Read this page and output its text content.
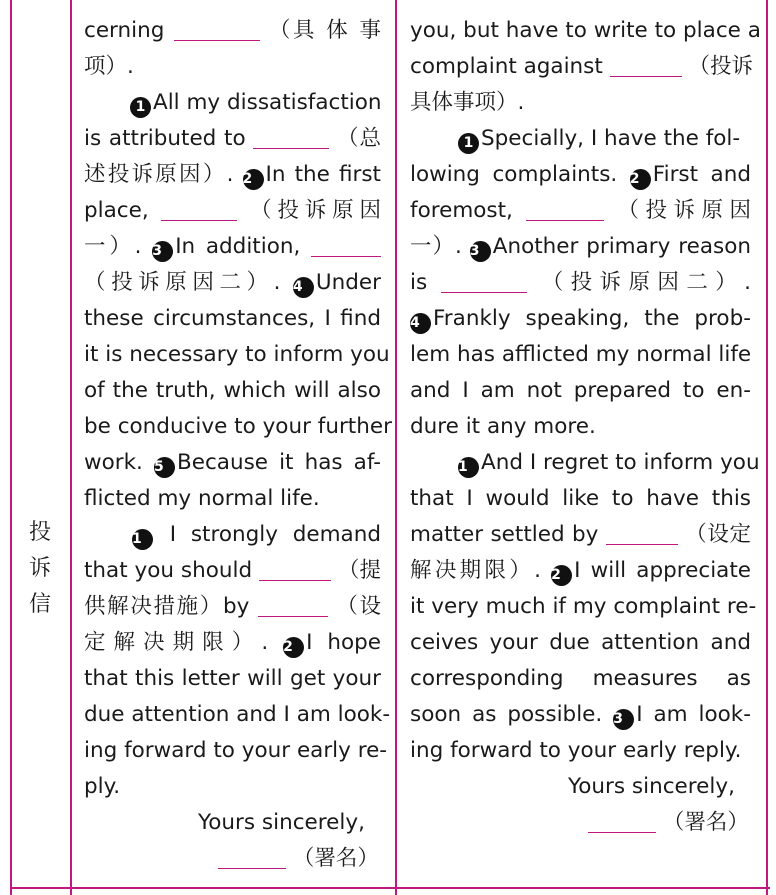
投
诉
信
cerning	（具 体 事
项）.
1 All my dissatisfaction
is attributed to	（总
述投诉原因）. 2 In the first
place,	（投诉原因
一）. 3 In addition,
（投诉原因二）. 4 Under
these circumstances, I find
it is necessary to inform you
of the truth, which will also
be conducive to your further
work. 5 Because it has af-
flicted my normal life.
1 I strongly demand
that you should	（提
供解决措施）by	（设
定解决期限）. 2 I hope
that this letter will get your
due attention and I am look-
ing forward to your early re-
ply.
Yours sincerely,
（署名）
you, but have to write to place a
complaint against	（投诉
具体事项）.
1 Specially, I have the fol-
lowing complaints. 2 First and
foremost,	（投诉原因
一）. 3 Another primary reason
is	（投诉原因二）.
4 Frankly speaking, the prob-
lem has afflicted my normal life
and I am not prepared to en-
dure it any more.
1 And I regret to inform you
that I would like to have this
matter settled by	（设定
解决期限）. 2 I will appreciate
it very much if my complaint re-
ceives your due attention and
corresponding measures as
soon as possible. 3 I am look-
ing forward to your early reply.
Yours sincerely,
（署名）
